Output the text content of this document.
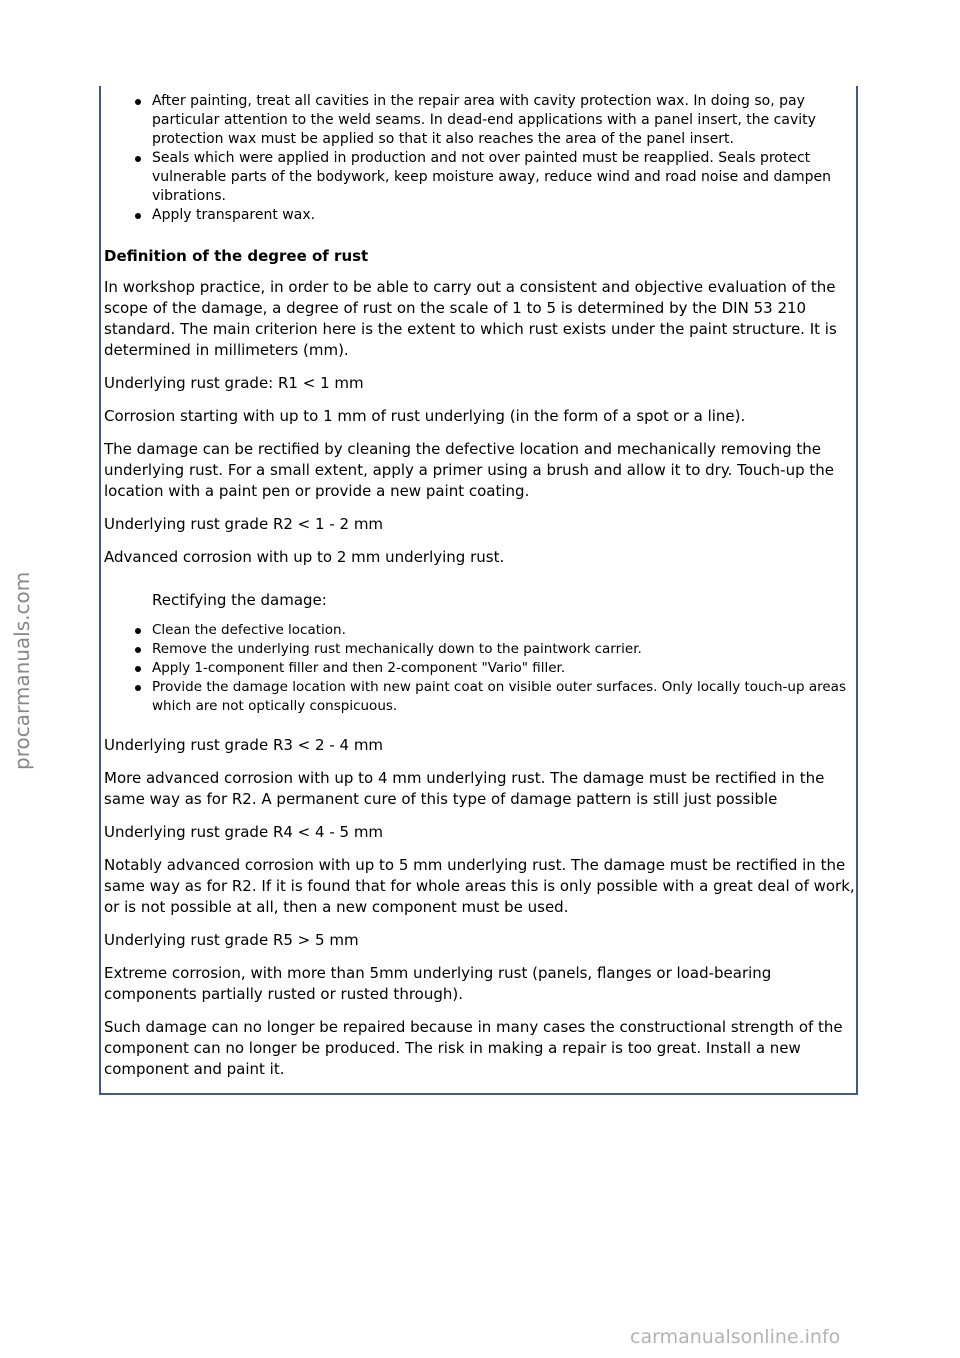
After painting, treat all cavities in the repair area with cavity protection wax. In doing so, pay particular attention to the weld seams. In dead-end applications with a panel insert, the cavity protection wax must be applied so that it also reaches the area of the panel insert.
Seals which were applied in production and not over painted must be reapplied. Seals protect vulnerable parts of the bodywork, keep moisture away, reduce wind and road noise and dampen vibrations.
Apply transparent wax.

Definition of the degree of rust

In workshop practice, in order to be able to carry out a consistent and objective evaluation of the scope of the damage, a degree of rust on the scale of 1 to 5 is determined by the DIN 53 210 standard. The main criterion here is the extent to which rust exists under the paint structure. It is determined in millimeters (mm).

Underlying rust grade: R1 < 1 mm

Corrosion starting with up to 1 mm of rust underlying (in the form of a spot or a line).

The damage can be rectified by cleaning the defective location and mechanically removing the underlying rust. For a small extent, apply a primer using a brush and allow it to dry. Touch-up the location with a paint pen or provide a new paint coating.

Underlying rust grade R2 < 1 - 2 mm

Advanced corrosion with up to 2 mm underlying rust.

Rectifying the damage:

Clean the defective location.
Remove the underlying rust mechanically down to the paintwork carrier.
Apply 1-component filler and then 2-component "Vario" filler.
Provide the damage location with new paint coat on visible outer surfaces. Only locally touch-up areas which are not optically conspicuous.

Underlying rust grade R3 < 2 - 4 mm

More advanced corrosion with up to 4 mm underlying rust. The damage must be rectified in the same way as for R2. A permanent cure of this type of damage pattern is still just possible

Underlying rust grade R4 < 4 - 5 mm

Notably advanced corrosion with up to 5 mm underlying rust. The damage must be rectified in the same way as for R2. If it is found that for whole areas this is only possible with a great deal of work, or is not possible at all, then a new component must be used.

Underlying rust grade R5 > 5 mm

Extreme corrosion, with more than 5mm underlying rust (panels, flanges or load-bearing components partially rusted or rusted through).

Such damage can no longer be repaired because in many cases the constructional strength of the component can no longer be produced. The risk in making a repair is too great. Install a new component and paint it.

procarmanuals.com
carmanualsonline.info
